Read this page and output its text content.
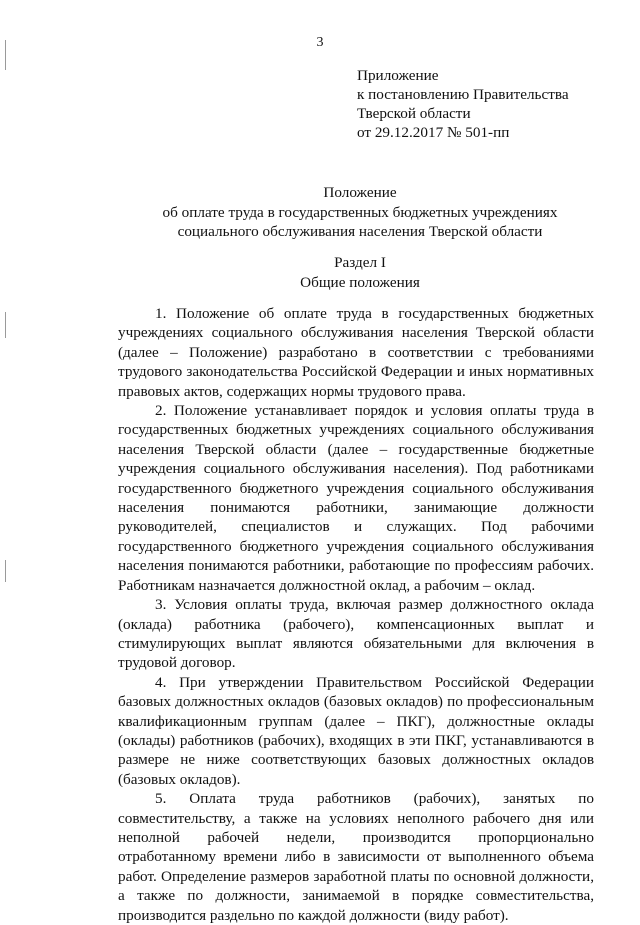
3
Приложение
к постановлению Правительства
Тверской области
от 29.12.2017 № 501-пп
Положение
об оплате труда в государственных бюджетных учреждениях
социального обслуживания населения Тверской области
Раздел I
Общие положения

1. Положение об оплате труда в государственных бюджетных учреждениях социального обслуживания населения Тверской области (далее – Положение) разработано в соответствии с требованиями трудового законодательства Российской Федерации и иных нормативных правовых актов, содержащих нормы трудового права.

2. Положение устанавливает порядок и условия оплаты труда в государственных бюджетных учреждениях социального обслуживания населения Тверской области (далее – государственные бюджетные учреждения социального обслуживания населения). Под работниками государственного бюджетного учреждения социального обслуживания населения понимаются работники, занимающие должности руководителей, специалистов и служащих. Под рабочими государственного бюджетного учреждения социального обслуживания населения понимаются работники, работающие по профессиям рабочих. Работникам назначается должностной оклад, а рабочим – оклад.

3. Условия оплаты труда, включая размер должностного оклада (оклада) работника (рабочего), компенсационных выплат и стимулирующих выплат являются обязательными для включения в трудовой договор.

4. При утверждении Правительством Российской Федерации базовых должностных окладов (базовых окладов) по профессиональным квалификационным группам (далее – ПКГ), должностные оклады (оклады) работников (рабочих), входящих в эти ПКГ, устанавливаются в размере не ниже соответствующих базовых должностных окладов (базовых окладов).

5. Оплата труда работников (рабочих), занятых по совместительству, а также на условиях неполного рабочего дня или неполной рабочей недели, производится пропорционально отработанному времени либо в зависимости от выполненного объема работ. Определение размеров заработной платы по основной должности, а также по должности, занимаемой в порядке совместительства, производится раздельно по каждой должности (виду работ).
